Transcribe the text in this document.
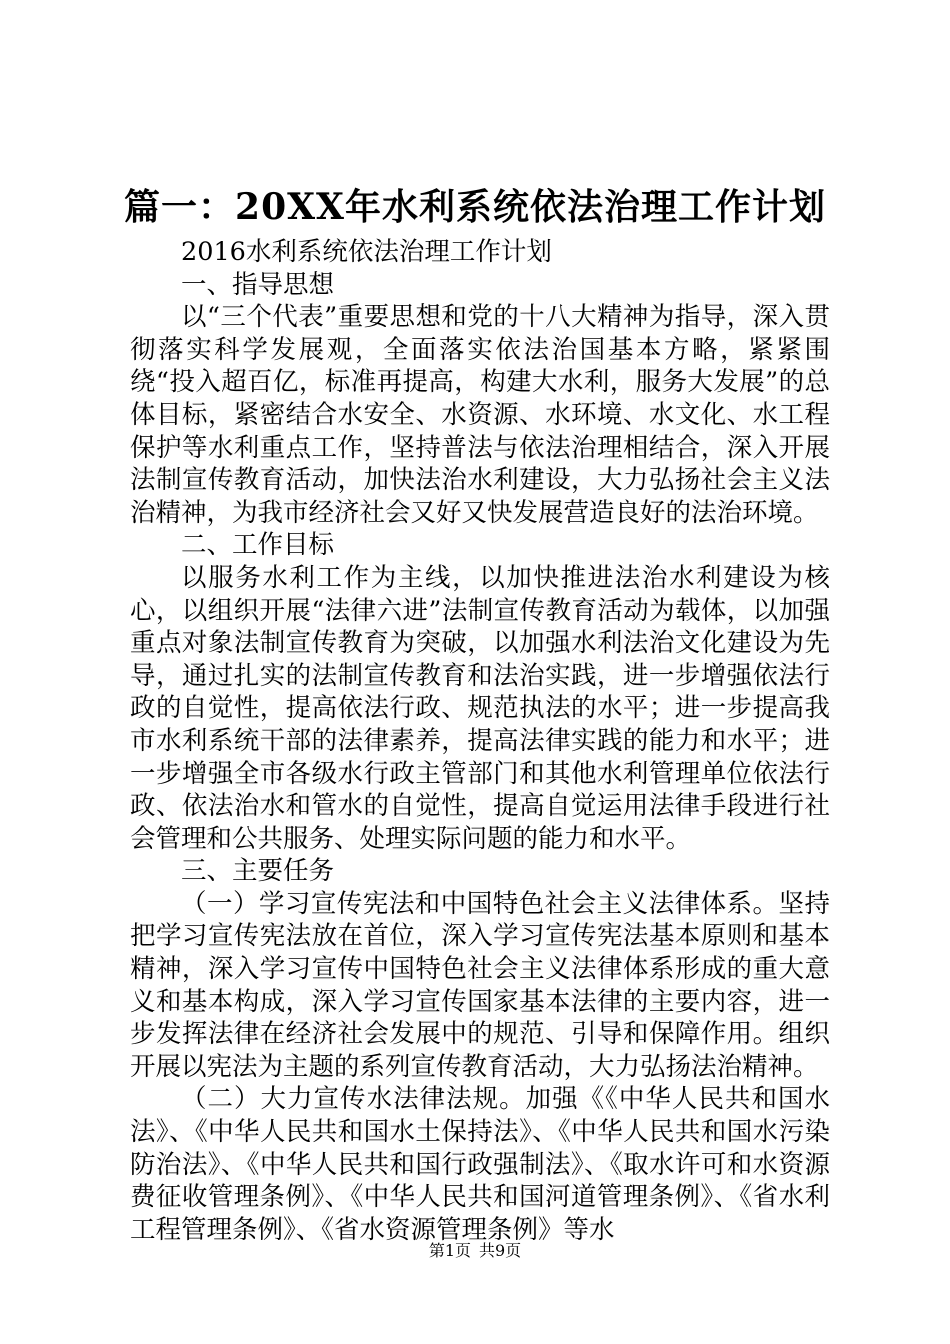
篇一：20XX年水利系统依法治理工作计划

2016水利系统依法治理工作计划

一、指导思想

以“三个代表”重要思想和党的十八大精神为指导，深入贯彻落实科学发展观，全面落实依法治国基本方略，紧紧围绕“投入超百亿，标准再提高，构建大水利，服务大发展”的总体目标，紧密结合水安全、水资源、水环境、水文化、水工程保护等水利重点工作，坚持普法与依法治理相结合，深入开展法制宣传教育活动，加快法治水利建设，大力弘扬社会主义法治精神，为我市经济社会又好又快发展营造良好的法治环境。

二、工作目标

以服务水利工作为主线，以加快推进法治水利建设为核心，以组织开展“法律六进”法制宣传教育活动为载体，以加强重点对象法制宣传教育为突破，以加强水利法治文化建设为先导，通过扎实的法制宣传教育和法治实践，进一步增强依法行政的自觉性，提高依法行政、规范执法的水平；进一步提高我市水利系统干部的法律素养，提高法律实践的能力和水平；进一步增强全市各级水行政主管部门和其他水利管理单位依法行政、依法治水和管水的自觉性，提高自觉运用法律手段进行社会管理和公共服务、处理实际问题的能力和水平。

三、主要任务

（一）学习宣传宪法和中国特色社会主义法律体系。坚持把学习宣传宪法放在首位，深入学习宣传宪法基本原则和基本精神，深入学习宣传中国特色社会主义法律体系形成的重大意义和基本构成，深入学习宣传国家基本法律的主要内容，进一步发挥法律在经济社会发展中的规范、引导和保障作用。组织开展以宪法为主题的系列宣传教育活动，大力弘扬法治精神。

（二）大力宣传水法律法规。加强《《中华人民共和国水法》、《中华人民共和国水土保持法》、《中华人民共和国水污染防治法》、《中华人民共和国行政强制法》、《取水许可和水资源费征收管理条例》、《中华人民共和国河道管理条例》、《省水利工程管理条例》、《省水资源管理条例》等水

第1页 共9页
